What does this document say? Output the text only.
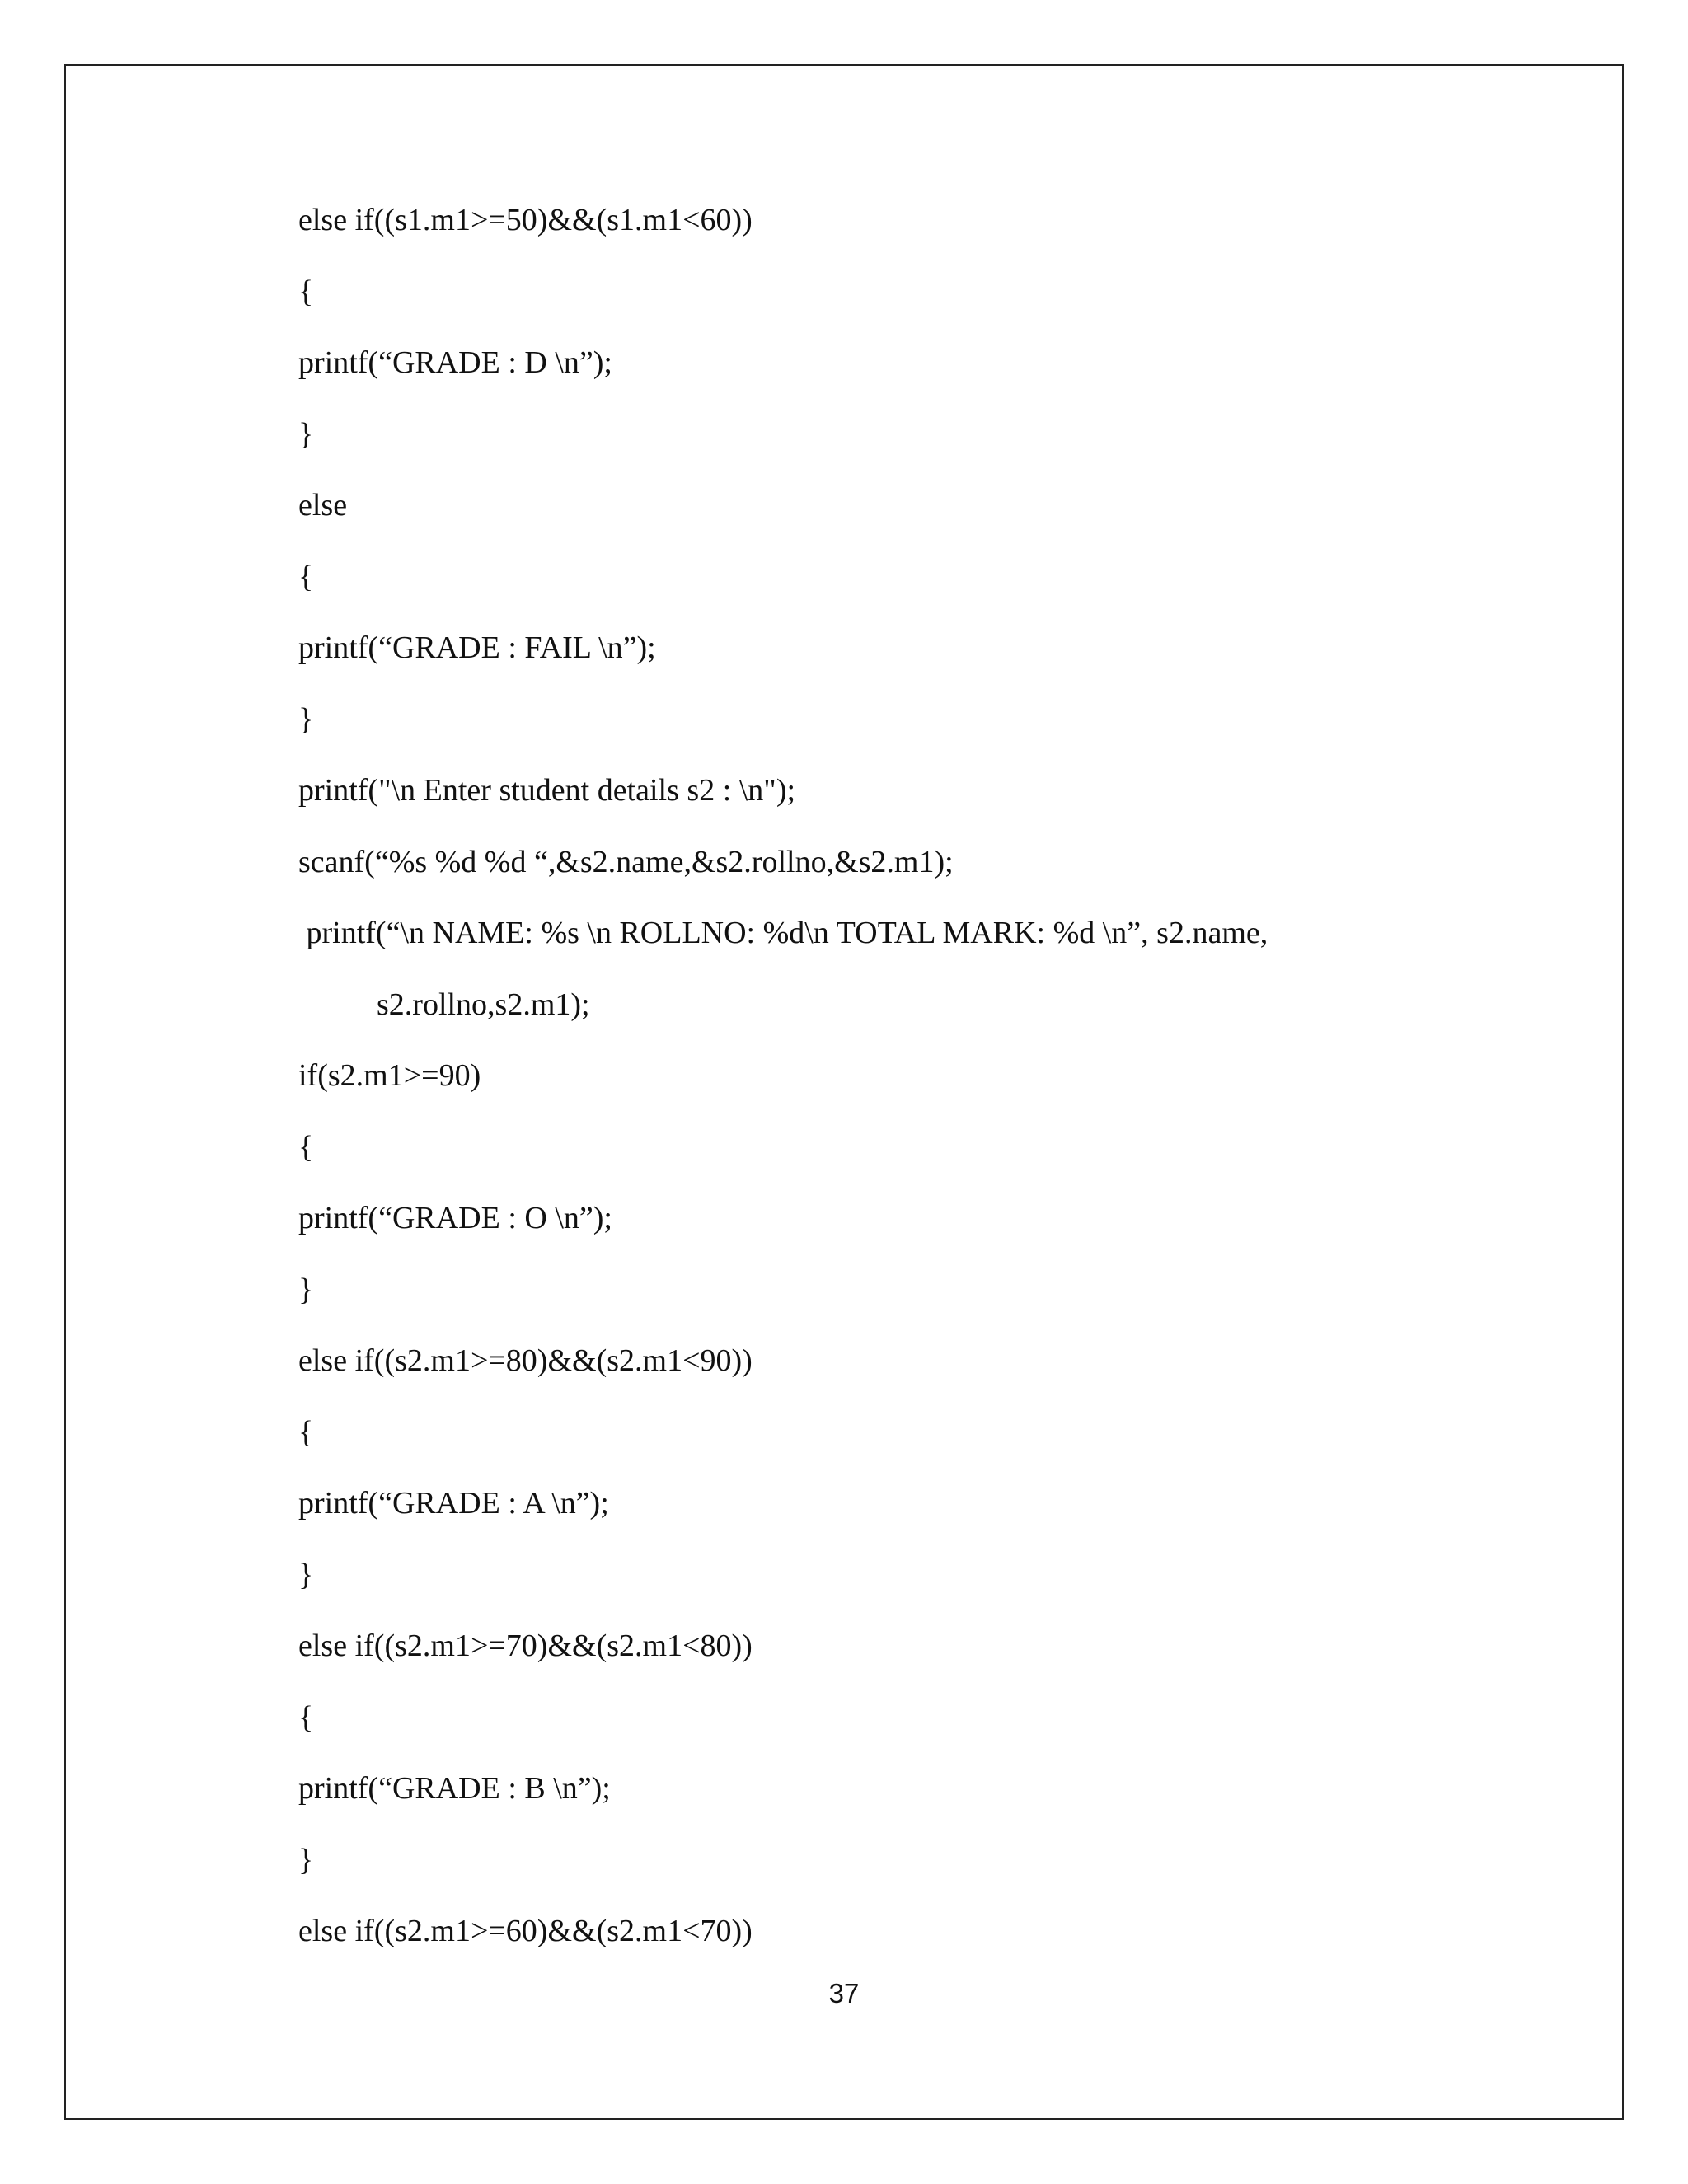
else if((s1.m1>=50)&&(s1.m1<60))
{
printf(“GRADE : D \n”);
}
else
{
printf(“GRADE : FAIL \n”);
}
printf("\n Enter student details s2 : \n");
scanf(“%s %d %d “,&s2.name,&s2.rollno,&s2.m1);
printf(“\n NAME: %s \n ROLLNO: %d\n TOTAL MARK: %d \n”, s2.name,
s2.rollno,s2.m1);
if(s2.m1>=90)
{
printf(“GRADE : O \n”);
}
else if((s2.m1>=80)&&(s2.m1<90))
{
printf(“GRADE : A \n”);
}
else if((s2.m1>=70)&&(s2.m1<80))
{
printf(“GRADE : B \n”);
}
else if((s2.m1>=60)&&(s2.m1<70))
37
